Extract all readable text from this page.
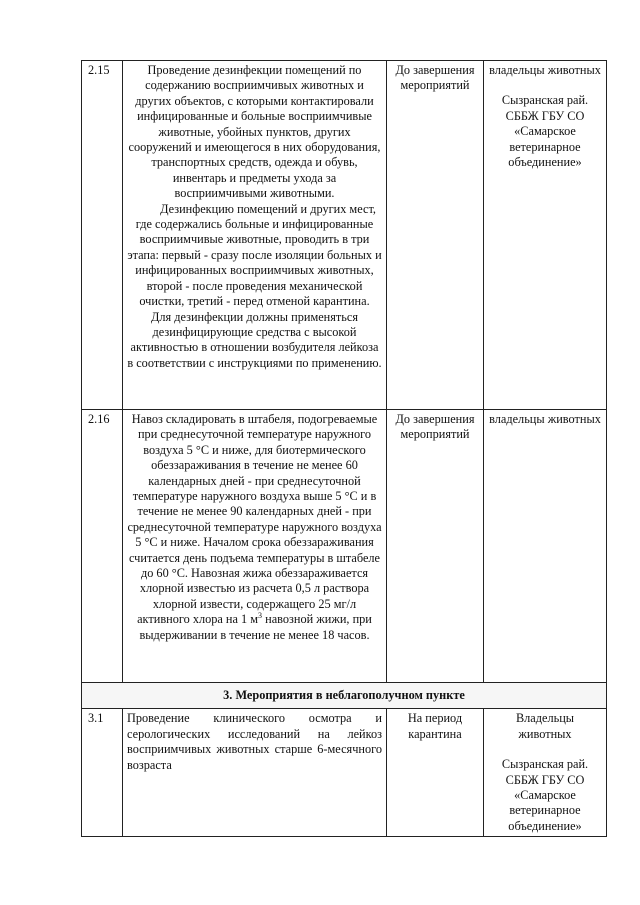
2.15	Проведение дезинфекции помещений по содержанию восприимчивых животных и других объектов, с которыми контактировали инфицированные и больные восприимчивые животные, убойных пунктов, других сооружений и имеющегося в них оборудования, транспортных средств, одежда и обувь, инвентарь и предметы ухода за восприимчивыми животными.
Дезинфекцию помещений и других мест, где содержались больные и инфицированные восприимчивые животные, проводить в три этапа: первый - сразу после изоляции больных и инфицированных восприимчивых животных, второй - после проведения механической очистки, третий - перед отменой карантина.
Для дезинфекции должны применяться дезинфицирующие средства с высокой активностью в отношении возбудителя лейкоза в соответствии с инструкциями по применению.	До завершения мероприятий	владельцы животных
Сызранская рай. СББЖ ГБУ СО «Самарское ветеринарное объединение»

2.16	Навоз складировать в штабеля, подогреваемые при среднесуточной температуре наружного воздуха 5 °С и ниже, для биотермического обеззараживания в течение не менее 60 календарных дней - при среднесуточной температуре наружного воздуха выше 5 °С и в течение не менее 90 календарных дней - при среднесуточной температуре наружного воздуха 5 °С и ниже. Началом срока обеззараживания считается день подъема температуры в штабеле до 60 °С. Навозная жижа обеззараживается хлорной известью из расчета 0,5 л раствора хлорной извести, содержащего 25 мг/л активного хлора на 1 $м^3$ навозной жижи, при выдерживании в течение не менее 18 часов.	До завершения мероприятий	владельцы животных

3. Мероприятия в неблагополучном пункте			
3.1	Проведение клинического осмотра и серологических исследований на лейкоз восприимчивых животных старше 6-месячного возраста	На период карантина	Владельцы животных
Сызранская рай. СББЖ ГБУ СО «Самарское ветеринарное объединение»
